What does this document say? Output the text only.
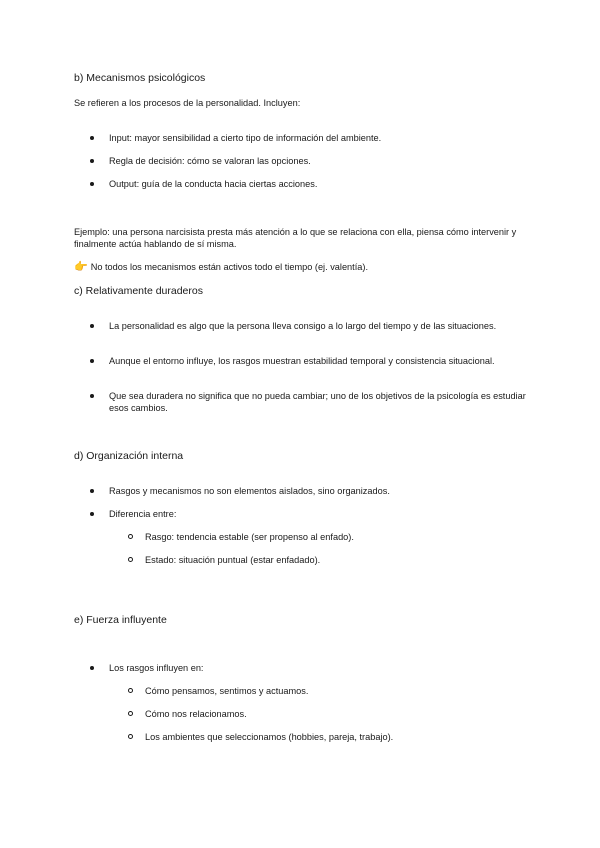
b) Mecanismos psicológicos
Se refieren a los procesos de la personalidad. Incluyen:
Input: mayor sensibilidad a cierto tipo de información del ambiente.
Regla de decisión: cómo se valoran las opciones.
Output: guía de la conducta hacia ciertas acciones.
Ejemplo: una persona narcisista presta más atención a lo que se relaciona con ella, piensa cómo intervenir y finalmente actúa hablando de sí misma.
👉 No todos los mecanismos están activos todo el tiempo (ej. valentía).
c) Relativamente duraderos
La personalidad es algo que la persona lleva consigo a lo largo del tiempo y de las situaciones.
Aunque el entorno influye, los rasgos muestran estabilidad temporal y consistencia situacional.
Que sea duradera no significa que no pueda cambiar; uno de los objetivos de la psicología es estudiar esos cambios.
d) Organización interna
Rasgos y mecanismos no son elementos aislados, sino organizados.
Diferencia entre:
Rasgo: tendencia estable (ser propenso al enfado).
Estado: situación puntual (estar enfadado).
e) Fuerza influyente
Los rasgos influyen en:
Cómo pensamos, sentimos y actuamos.
Cómo nos relacionamos.
Los ambientes que seleccionamos (hobbies, pareja, trabajo).
